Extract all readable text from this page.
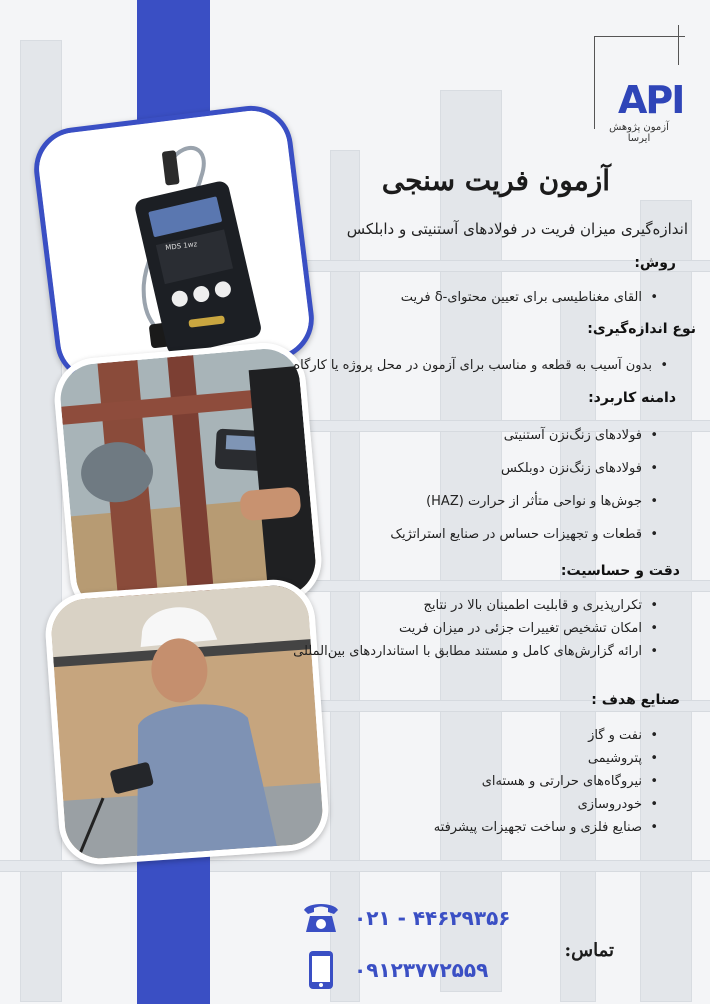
MDS 1wz
API
آزمون پژوهش ایرسا
آزمون فریت سنجی
اندازه‌گیری میزان فریت در فولادهای آستنیتی و دابلکس
روش:
• القای مغناطیسی برای تعیین محتوای-δ فریت
نوع اندازه‌گیری:
• بدون آسیب به قطعه و مناسب برای آزمون در محل پروژه یا کارگاه.
دامنه کاربرد:
• فولادهای زنگ‌نزن آستنیتی
• فولادهای زنگ‌نزن دوبلکس
• جوش‌ها و نواحی متأثر از حرارت (HAZ)
• قطعات و تجهیزات حساس در صنایع استراتژیک
دقت و حساسیت:
• تکرارپذیری و قابلیت اطمینان بالا در نتایج
• امکان تشخیص تغییرات جزئی در میزان فریت
• ارائه گزارش‌های کامل و مستند مطابق با استانداردهای بین‌المللی
صنایع هدف :
• نفت و گاز
• پتروشیمی
• نیروگاه‌های حرارتی و هسته‌ای
• خودروسازی
• صنایع فلزی و ساخت تجهیزات پیشرفته
۰۲۱ - ۴۴۶۲۹۳۵۶
۰۹۱۲۳۷۷۲۵۵۹
تماس:
